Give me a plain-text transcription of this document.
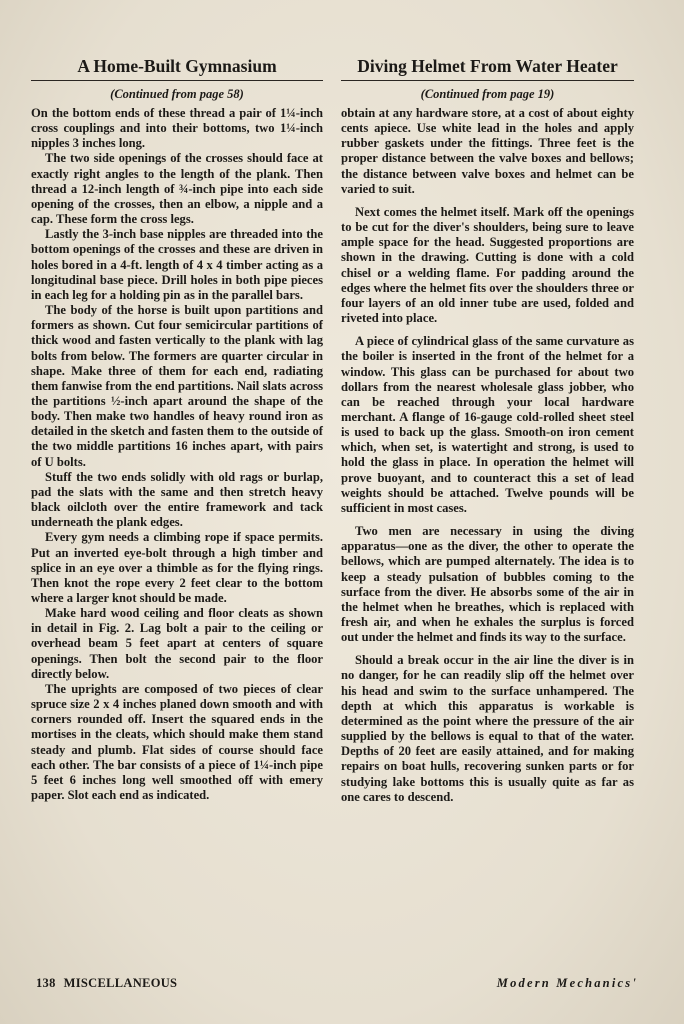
A Home-Built Gymnasium
(Continued from page 58)

On the bottom ends of these thread a pair of 1¼-inch cross couplings and into their bottoms, two 1¼-inch nipples 3 inches long.

The two side openings of the crosses should face at exactly right angles to the length of the plank. Then thread a 12-inch length of ¾-inch pipe into each side opening of the crosses, then an elbow, a nipple and a cap. These form the cross legs.

Lastly the 3-inch base nipples are threaded into the bottom openings of the crosses and these are driven in holes bored in a 4-ft. length of 4 x 4 timber acting as a longitudinal base piece. Drill holes in both pipe pieces in each leg for a holding pin as in the parallel bars.

The body of the horse is built upon partitions and formers as shown. Cut four semicircular partitions of thick wood and fasten vertically to the plank with lag bolts from below. The formers are quarter circular in shape. Make three of them for each end, radiating them fanwise from the end partitions. Nail slats across the partitions ½-inch apart around the shape of the body. Then make two handles of heavy round iron as detailed in the sketch and fasten them to the outside of the two middle partitions 16 inches apart, with pairs of U bolts.

Stuff the two ends solidly with old rags or burlap, pad the slats with the same and then stretch heavy black oilcloth over the entire framework and tack underneath the plank edges.

Every gym needs a climbing rope if space permits. Put an inverted eye-bolt through a high timber and splice in an eye over a thimble as for the flying rings. Then knot the rope every 2 feet clear to the bottom where a larger knot should be made.

Make hard wood ceiling and floor cleats as shown in detail in Fig. 2. Lag bolt a pair to the ceiling or overhead beam 5 feet apart at centers of square openings. Then bolt the second pair to the floor directly below.

The uprights are composed of two pieces of clear spruce size 2 x 4 inches planed down smooth and with corners rounded off. Insert the squared ends in the mortises in the cleats, which should make them stand steady and plumb. Flat sides of course should face each other. The bar consists of a piece of 1¼-inch pipe 5 feet 6 inches long well smoothed off with emery paper. Slot each end as indicated.

Diving Helmet From Water Heater
(Continued from page 19)

obtain at any hardware store, at a cost of about eighty cents apiece. Use white lead in the holes and apply rubber gaskets under the fittings. Three feet is the proper distance between the valve boxes and bellows; the distance between valve boxes and helmet can be varied to suit.

Next comes the helmet itself. Mark off the openings to be cut for the diver's shoulders, being sure to leave ample space for the head. Suggested proportions are shown in the drawing. Cutting is done with a cold chisel or a welding flame. For padding around the edges where the helmet fits over the shoulders three or four layers of an old inner tube are used, folded and riveted into place.

A piece of cylindrical glass of the same curvature as the boiler is inserted in the front of the helmet for a window. This glass can be purchased for about two dollars from the nearest wholesale glass jobber, who can be reached through your local hardware merchant. A flange of 16-gauge cold-rolled sheet steel is used to back up the glass. Smooth-on iron cement which, when set, is watertight and strong, is used to hold the glass in place. In operation the helmet will prove buoyant, and to counteract this a set of lead weights should be attached. Twelve pounds will be sufficient in most cases.

Two men are necessary in using the diving apparatus—one as the diver, the other to operate the bellows, which are pumped alternately. The idea is to keep a steady pulsation of bubbles coming to the surface from the diver. He absorbs some of the air in the helmet when he breathes, which is replaced with fresh air, and when he exhales the surplus is forced out under the helmet and finds its way to the surface.

Should a break occur in the air line the diver is in no danger, for he can readily slip off the helmet over his head and swim to the surface unhampered. The depth at which this apparatus is workable is determined as the point where the pressure of the air supplied by the bellows is equal to that of the water. Depths of 20 feet are easily attained, and for making repairs on boat hulls, recovering sunken parts or for studying lake bottoms this is usually quite as far as one cares to descend.

138 MISCELLANEOUS	Modern Mechanics'
